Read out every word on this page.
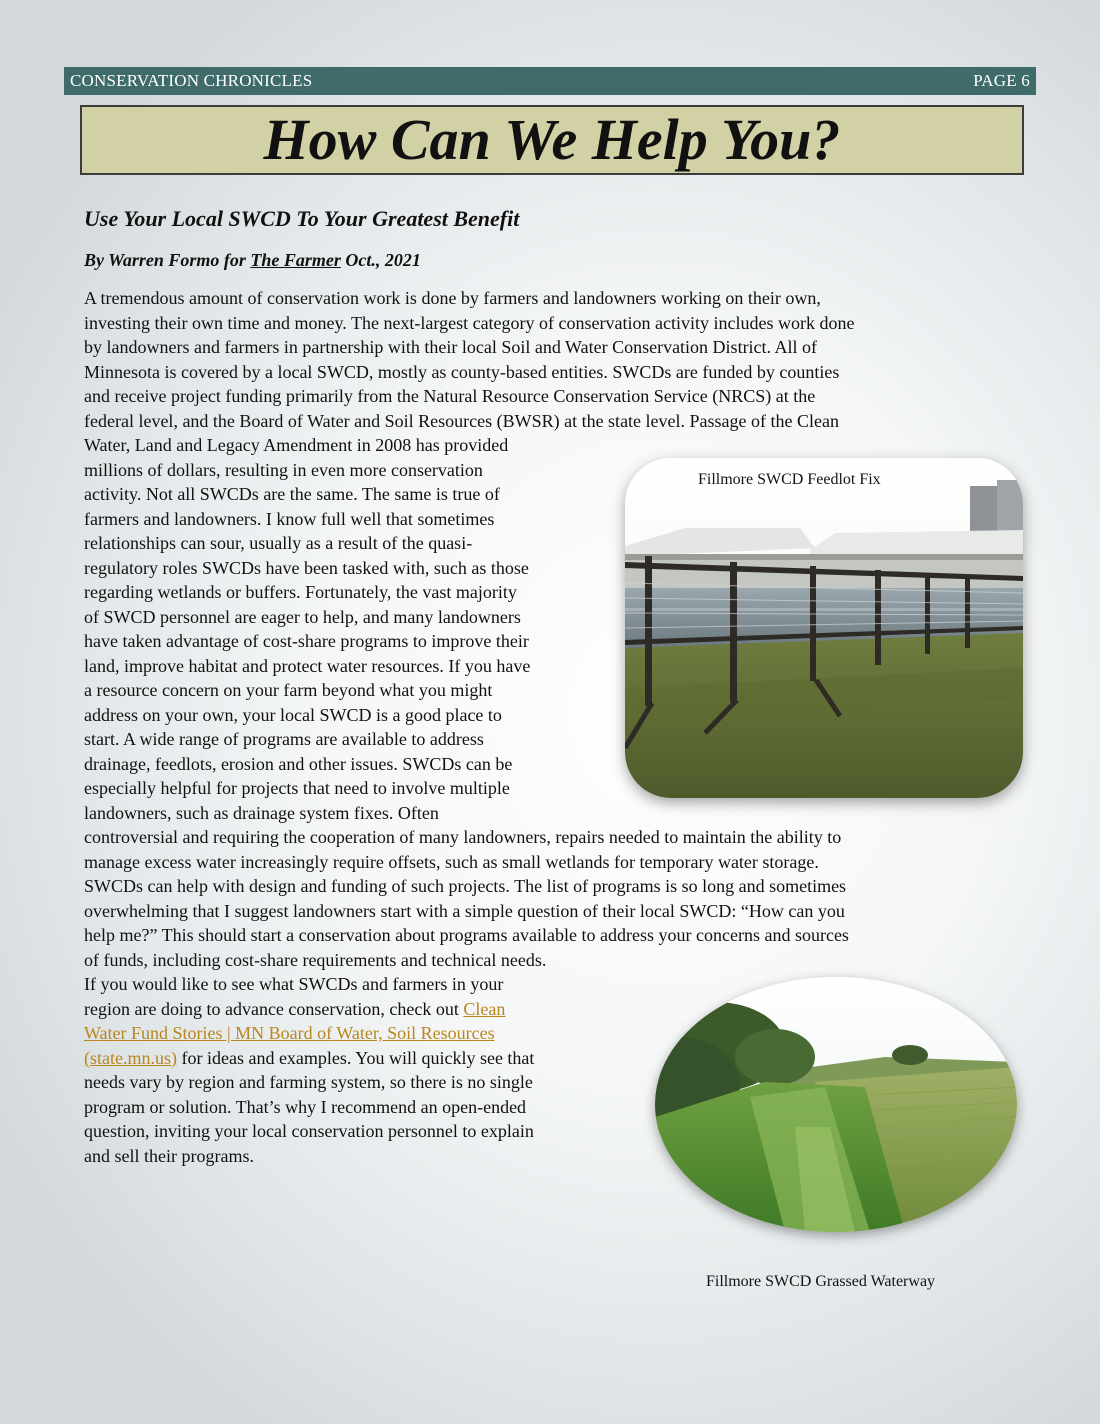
CONSERVATION CHRONICLES	PAGE 6
How Can We Help You?

Use Your Local SWCD To Your Greatest Benefit

By Warren Formo for The Farmer Oct., 2021

A tremendous amount of conservation work is done by farmers and landowners working on their own,

investing their own time and money. The next-largest category of conservation activity includes work done

by landowners and farmers in partnership with their local Soil and Water Conservation District. All of

Minnesota is covered by a local SWCD, mostly as county-based entities. SWCDs are funded by counties

and receive project funding primarily from the Natural Resource Conservation Service (NRCS) at the

federal level, and the Board of Water and Soil Resources (BWSR) at the state level. Passage of the Clean

Water, Land and Legacy Amendment in 2008 has provided

millions of dollars, resulting in even more conservation

activity. Not all SWCDs are the same. The same is true of

farmers and landowners. I know full well that sometimes

relationships can sour, usually as a result of the quasi-

regulatory roles SWCDs have been tasked with, such as those

regarding wetlands or buffers. Fortunately, the vast majority

of SWCD personnel are eager to help, and many landowners

have taken advantage of cost-share programs to improve their

land, improve habitat and protect water resources. If you have

a resource concern on your farm beyond what you might

address on your own, your local SWCD is a good place to

start. A wide range of programs are available to address

drainage, feedlots, erosion and other issues. SWCDs can be

especially helpful for projects that need to involve multiple

landowners, such as drainage system fixes. Often

controversial and requiring the cooperation of many landowners, repairs needed to maintain the ability to

manage excess water increasingly require offsets, such as small wetlands for temporary water storage.

SWCDs can help with design and funding of such projects. The list of programs is so long and sometimes

overwhelming that I suggest landowners start with a simple question of their local SWCD: “How can you

help me?” This should start a conservation about programs available to address your concerns and sources

of funds, including cost-share requirements and technical needs.

If you would like to see what SWCDs and farmers in your

region are doing to advance conservation, check out Clean

Water Fund Stories | MN Board of Water, Soil Resources

(state.mn.us) for ideas and examples. You will quickly see that

needs vary by region and farming system, so there is no single

program or solution. That’s why I recommend an open-ended

question, inviting your local conservation personnel to explain

and sell their programs.

Fillmore SWCD Feedlot Fix

Fillmore SWCD Grassed Waterway
